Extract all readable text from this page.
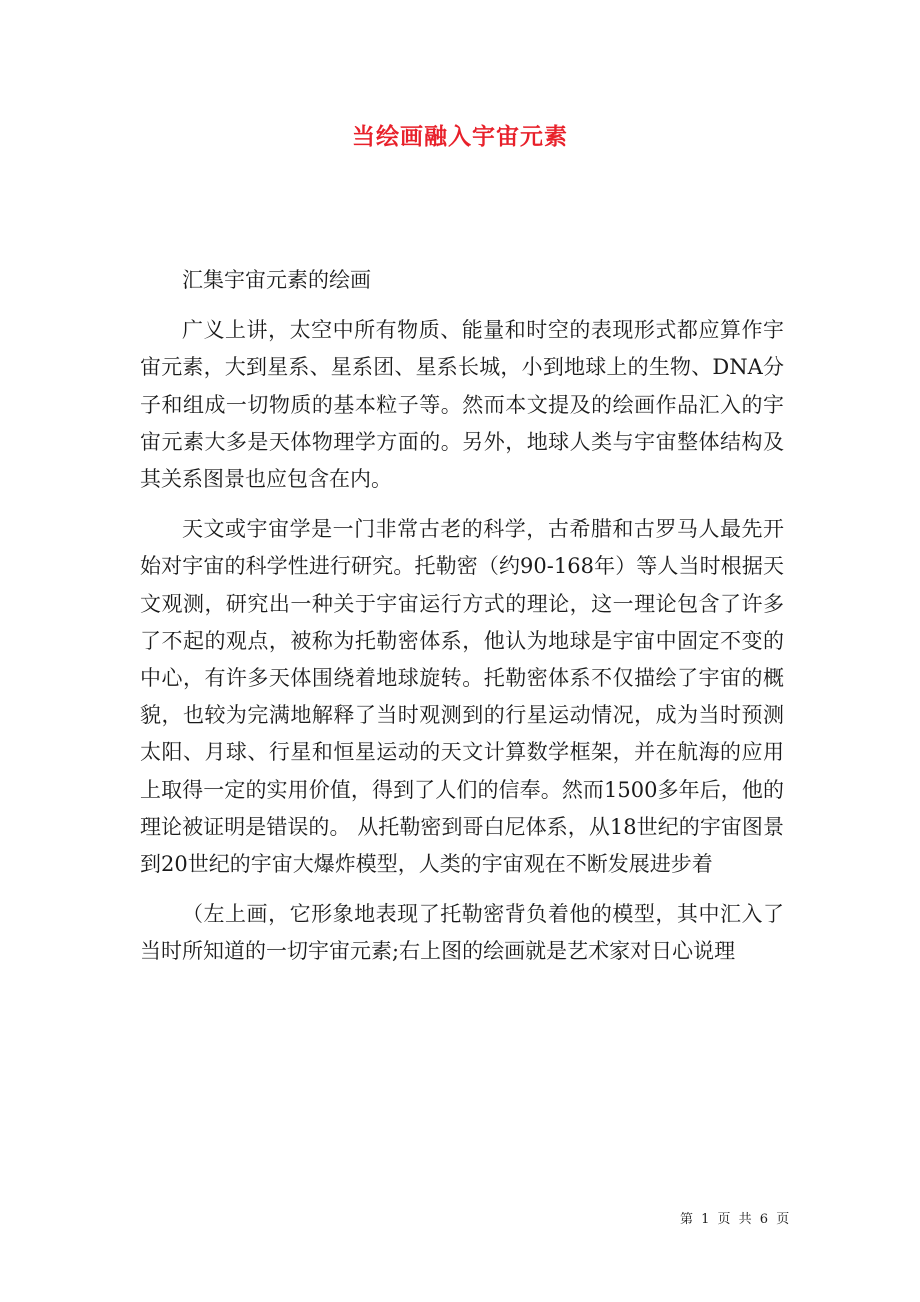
当绘画融入宇宙元素

汇集宇宙元素的绘画

广义上讲，太空中所有物质、能量和时空的表现形式都应算作宇宙元素，大到星系、星系团、星系长城，小到地球上的生物、DNA分子和组成一切物质的基本粒子等。然而本文提及的绘画作品汇入的宇宙元素大多是天体物理学方面的。另外，地球人类与宇宙整体结构及其关系图景也应包含在内。

天文或宇宙学是一门非常古老的科学，古希腊和古罗马人最先开始对宇宙的科学性进行研究。托勒密（约90-168年）等人当时根据天文观测，研究出一种关于宇宙运行方式的理论，这一理论包含了许多了不起的观点，被称为托勒密体系，他认为地球是宇宙中固定不变的中心，有许多天体围绕着地球旋转。托勒密体系不仅描绘了宇宙的概貌，也较为完满地解释了当时观测到的行星运动情况，成为当时预测太阳、月球、行星和恒星运动的天文计算数学框架，并在航海的应用上取得一定的实用价值，得到了人们的信奉。然而1500多年后，他的理论被证明是错误的。 从托勒密到哥白尼体系，从18世纪的宇宙图景到20世纪的宇宙大爆炸模型，人类的宇宙观在不断发展进步着

（左上画，它形象地表现了托勒密背负着他的模型，其中汇入了当时所知道的一切宇宙元素;右上图的绘画就是艺术家对日心说理

第 1 页 共 6 页
